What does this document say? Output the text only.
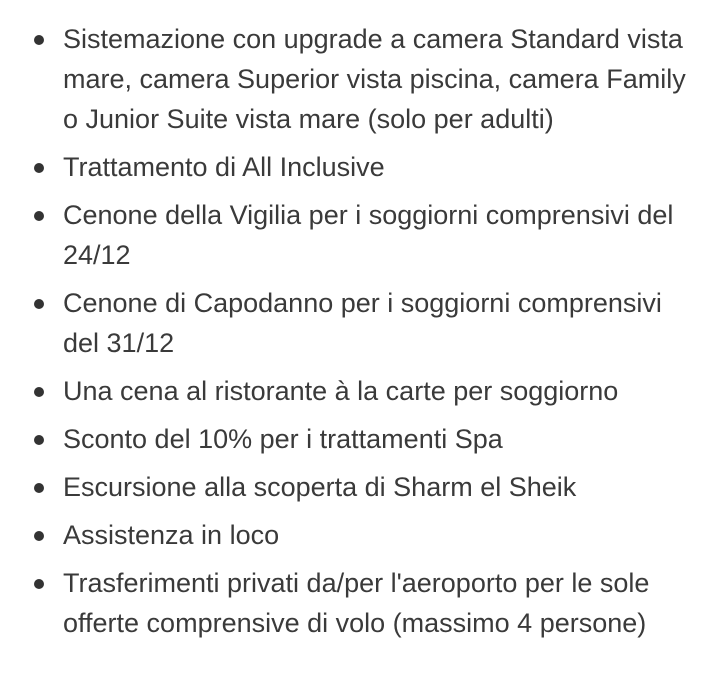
Sistemazione con upgrade a camera Standard vista mare, camera Superior vista piscina, camera Family o Junior Suite vista mare (solo per adulti)
Trattamento di All Inclusive
Cenone della Vigilia per i soggiorni comprensivi del 24/12
Cenone di Capodanno per i soggiorni comprensivi del 31/12
Una cena al ristorante à la carte per soggiorno
Sconto del 10% per i trattamenti Spa
Escursione alla scoperta di Sharm el Sheik
Assistenza in loco
Trasferimenti privati da/per l'aeroporto per le sole offerte comprensive di volo (massimo 4 persone)
